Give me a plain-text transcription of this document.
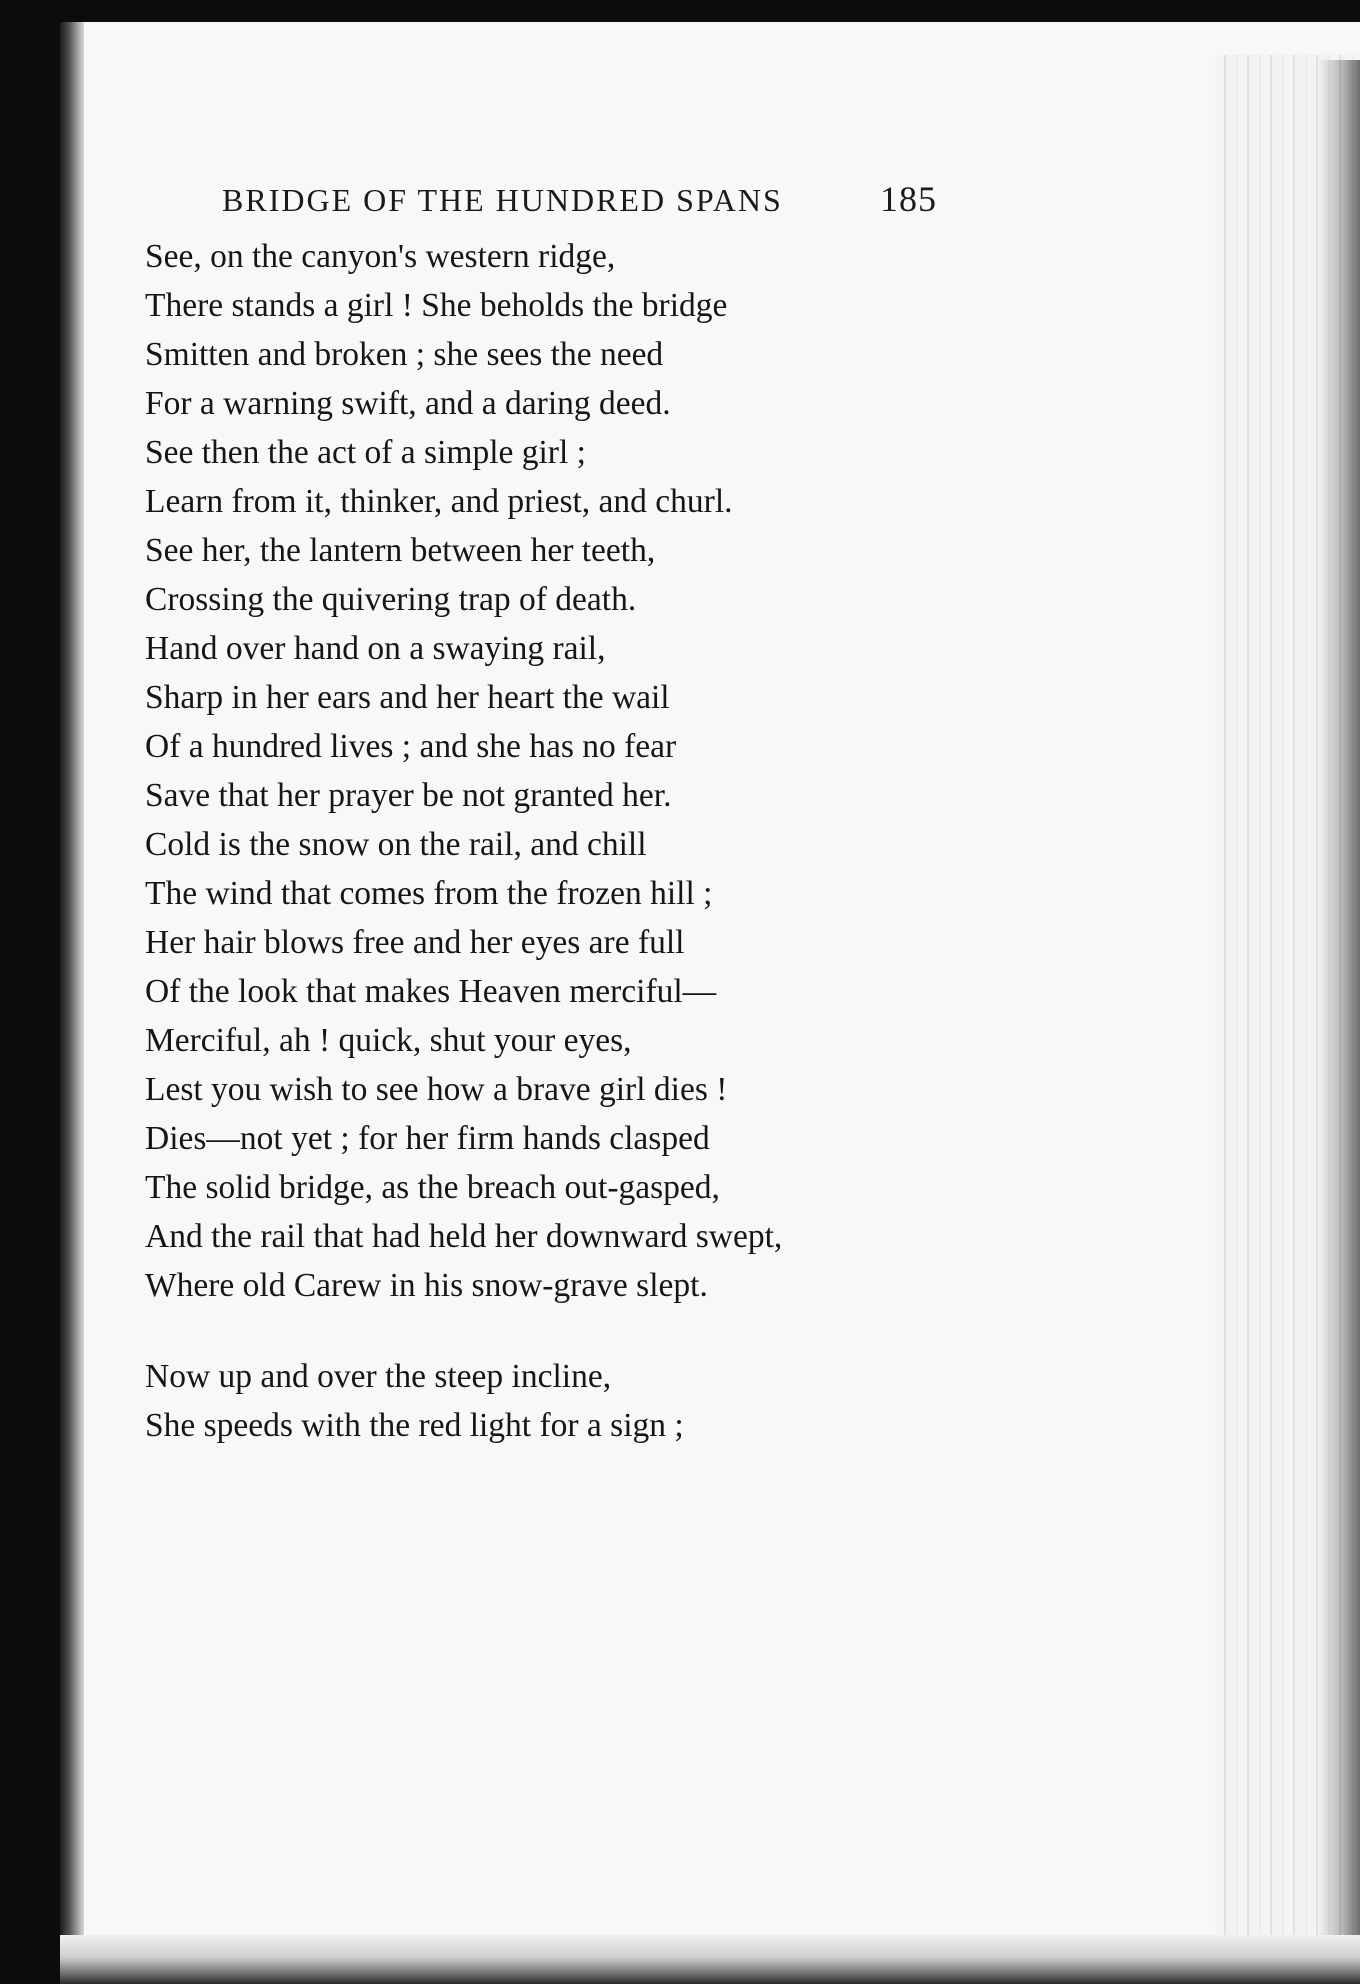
BRIDGE OF THE HUNDRED SPANS	185
See, on the canyon's western ridge,
There stands a girl ! She beholds the bridge
Smitten and broken ; she sees the need
For a warning swift, and a daring deed.
See then the act of a simple girl ;
Learn from it, thinker, and priest, and churl.
See her, the lantern between her teeth,
Crossing the quivering trap of death.
Hand over hand on a swaying rail,
Sharp in her ears and her heart the wail
Of a hundred lives ; and she has no fear
Save that her prayer be not granted her.
Cold is the snow on the rail, and chill
The wind that comes from the frozen hill ;
Her hair blows free and her eyes are full
Of the look that makes Heaven merciful—
Merciful, ah ! quick, shut your eyes,
Lest you wish to see how a brave girl dies !
Dies—not yet ; for her firm hands clasped
The solid bridge, as the breach out-gasped,
And the rail that had held her downward swept,
Where old Carew in his snow-grave slept.
Now up and over the steep incline,
She speeds with the red light for a sign ;
